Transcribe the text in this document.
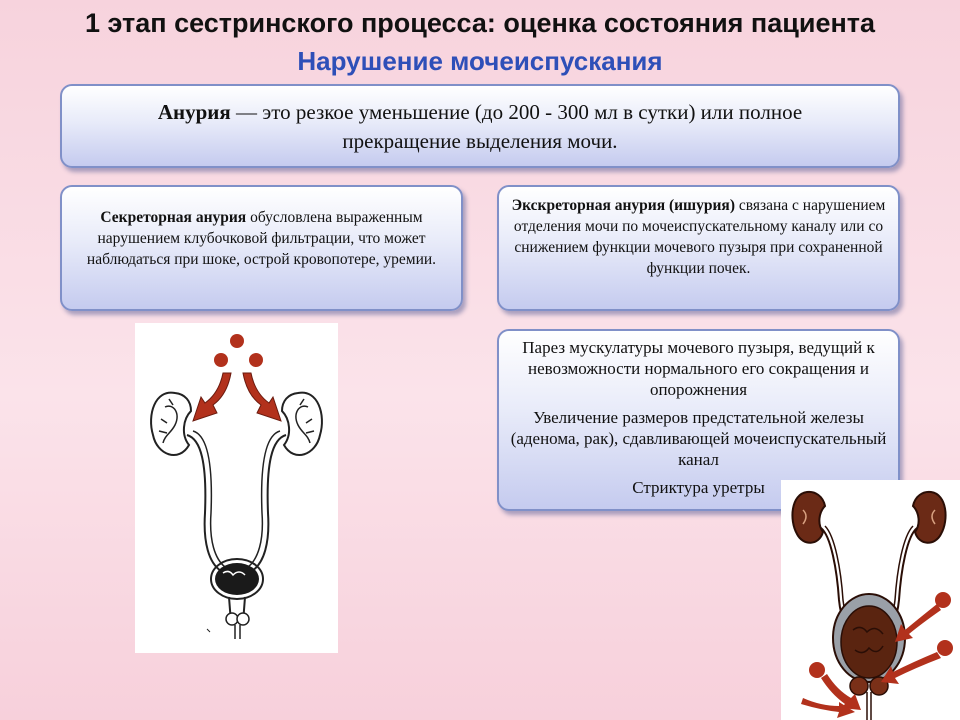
1 этап сестринского процесса: оценка состояния пациента
Нарушение мочеиспускания
Анурия — это резкое уменьшение (до 200 - 300 мл в сутки) или полное прекращение выделения мочи.
Секреторная анурия обусловлена выраженным нарушением клубочковой фильтрации, что может наблюдаться при шоке, острой кровопотере, уремии.
Экскреторная анурия (ишурия) связана с нарушением отделения мочи по мочеиспускательному каналу или со снижением функции мочевого пузыря при сохраненной функции почек.

Парез мускулатуры мочевого пузыря, ведущий к невозможности нормального его сокращения и опорожнения

Увеличение размеров предстательной железы (аденома, рак), сдавливающей мочеиспускательный канал

Стриктура уретры
